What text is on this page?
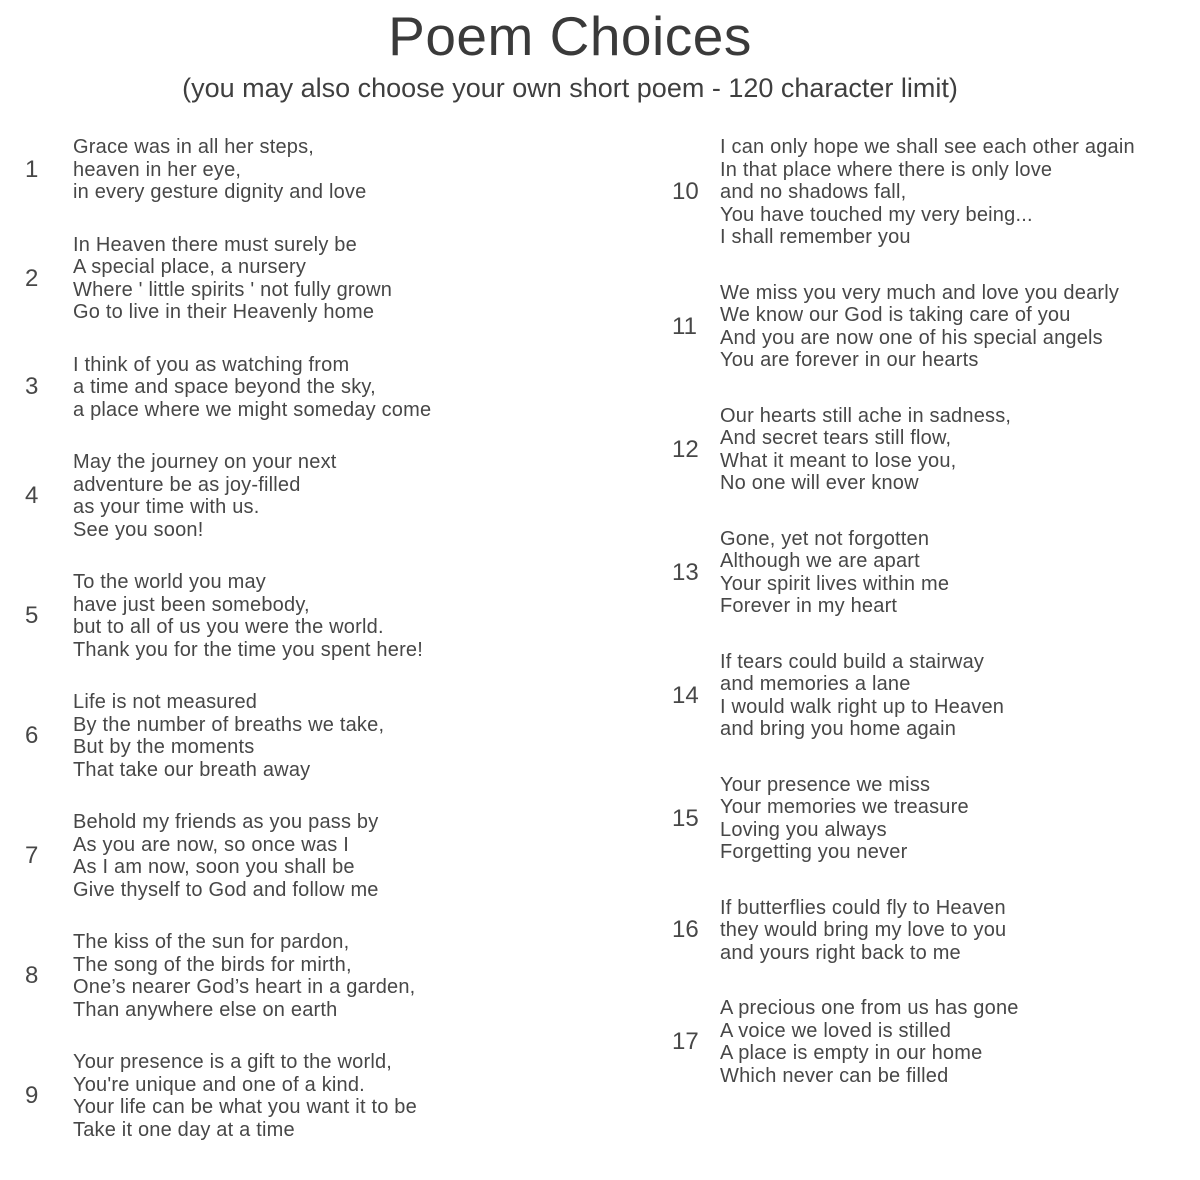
Poem Choices
(you may also choose your own short poem - 120 character limit)
1
Grace was in all her steps,
heaven in her eye,
in every gesture dignity and love
2
In Heaven there must surely be
A special place, a nursery
Where ' little spirits ' not fully grown
Go to live in their Heavenly home
3
I think of you as watching from
a time and space beyond the sky,
a place where we might someday come
4
May the journey on your next
adventure be as joy-filled
as your time with us.
See you soon!
5
To the world you may
have just been somebody,
but to all of us you were the world.
Thank you for the time you spent here!
6
Life is not measured
By the number of breaths we take,
But by the moments
That take our breath away
7
Behold my friends as you pass by
As you are now, so once was I
As I am now, soon you shall be
Give thyself to God and follow me
8
The kiss of the sun for pardon,
The song of the birds for mirth,
One’s nearer God’s heart in a garden,
Than anywhere else on earth
9
Your presence is a gift to the world,
You're unique and one of a kind.
Your life can be what you want it to be
Take it one day at a time
10
I can only hope we shall see each other again
In that place where there is only love
and no shadows fall,
You have touched my very being...
I shall remember you
11
We miss you very much and love you dearly
We know our God is taking care of you
And you are now one of his special angels
You are forever in our hearts
12
Our hearts still ache in sadness,
And secret tears still flow,
What it meant to lose you,
No one will ever know
13
Gone, yet not forgotten
Although we are apart
Your spirit lives within me
Forever in my heart
14
If tears could build a stairway
and memories a lane
I would walk right up to Heaven
and bring you home again
15
Your presence we miss
Your memories we treasure
Loving you always
Forgetting you never
16
If butterflies could fly to Heaven
they would bring my love to you
and yours right back to me
17
A precious one from us has gone
A voice we loved is stilled
A place is empty in our home
Which never can be filled
